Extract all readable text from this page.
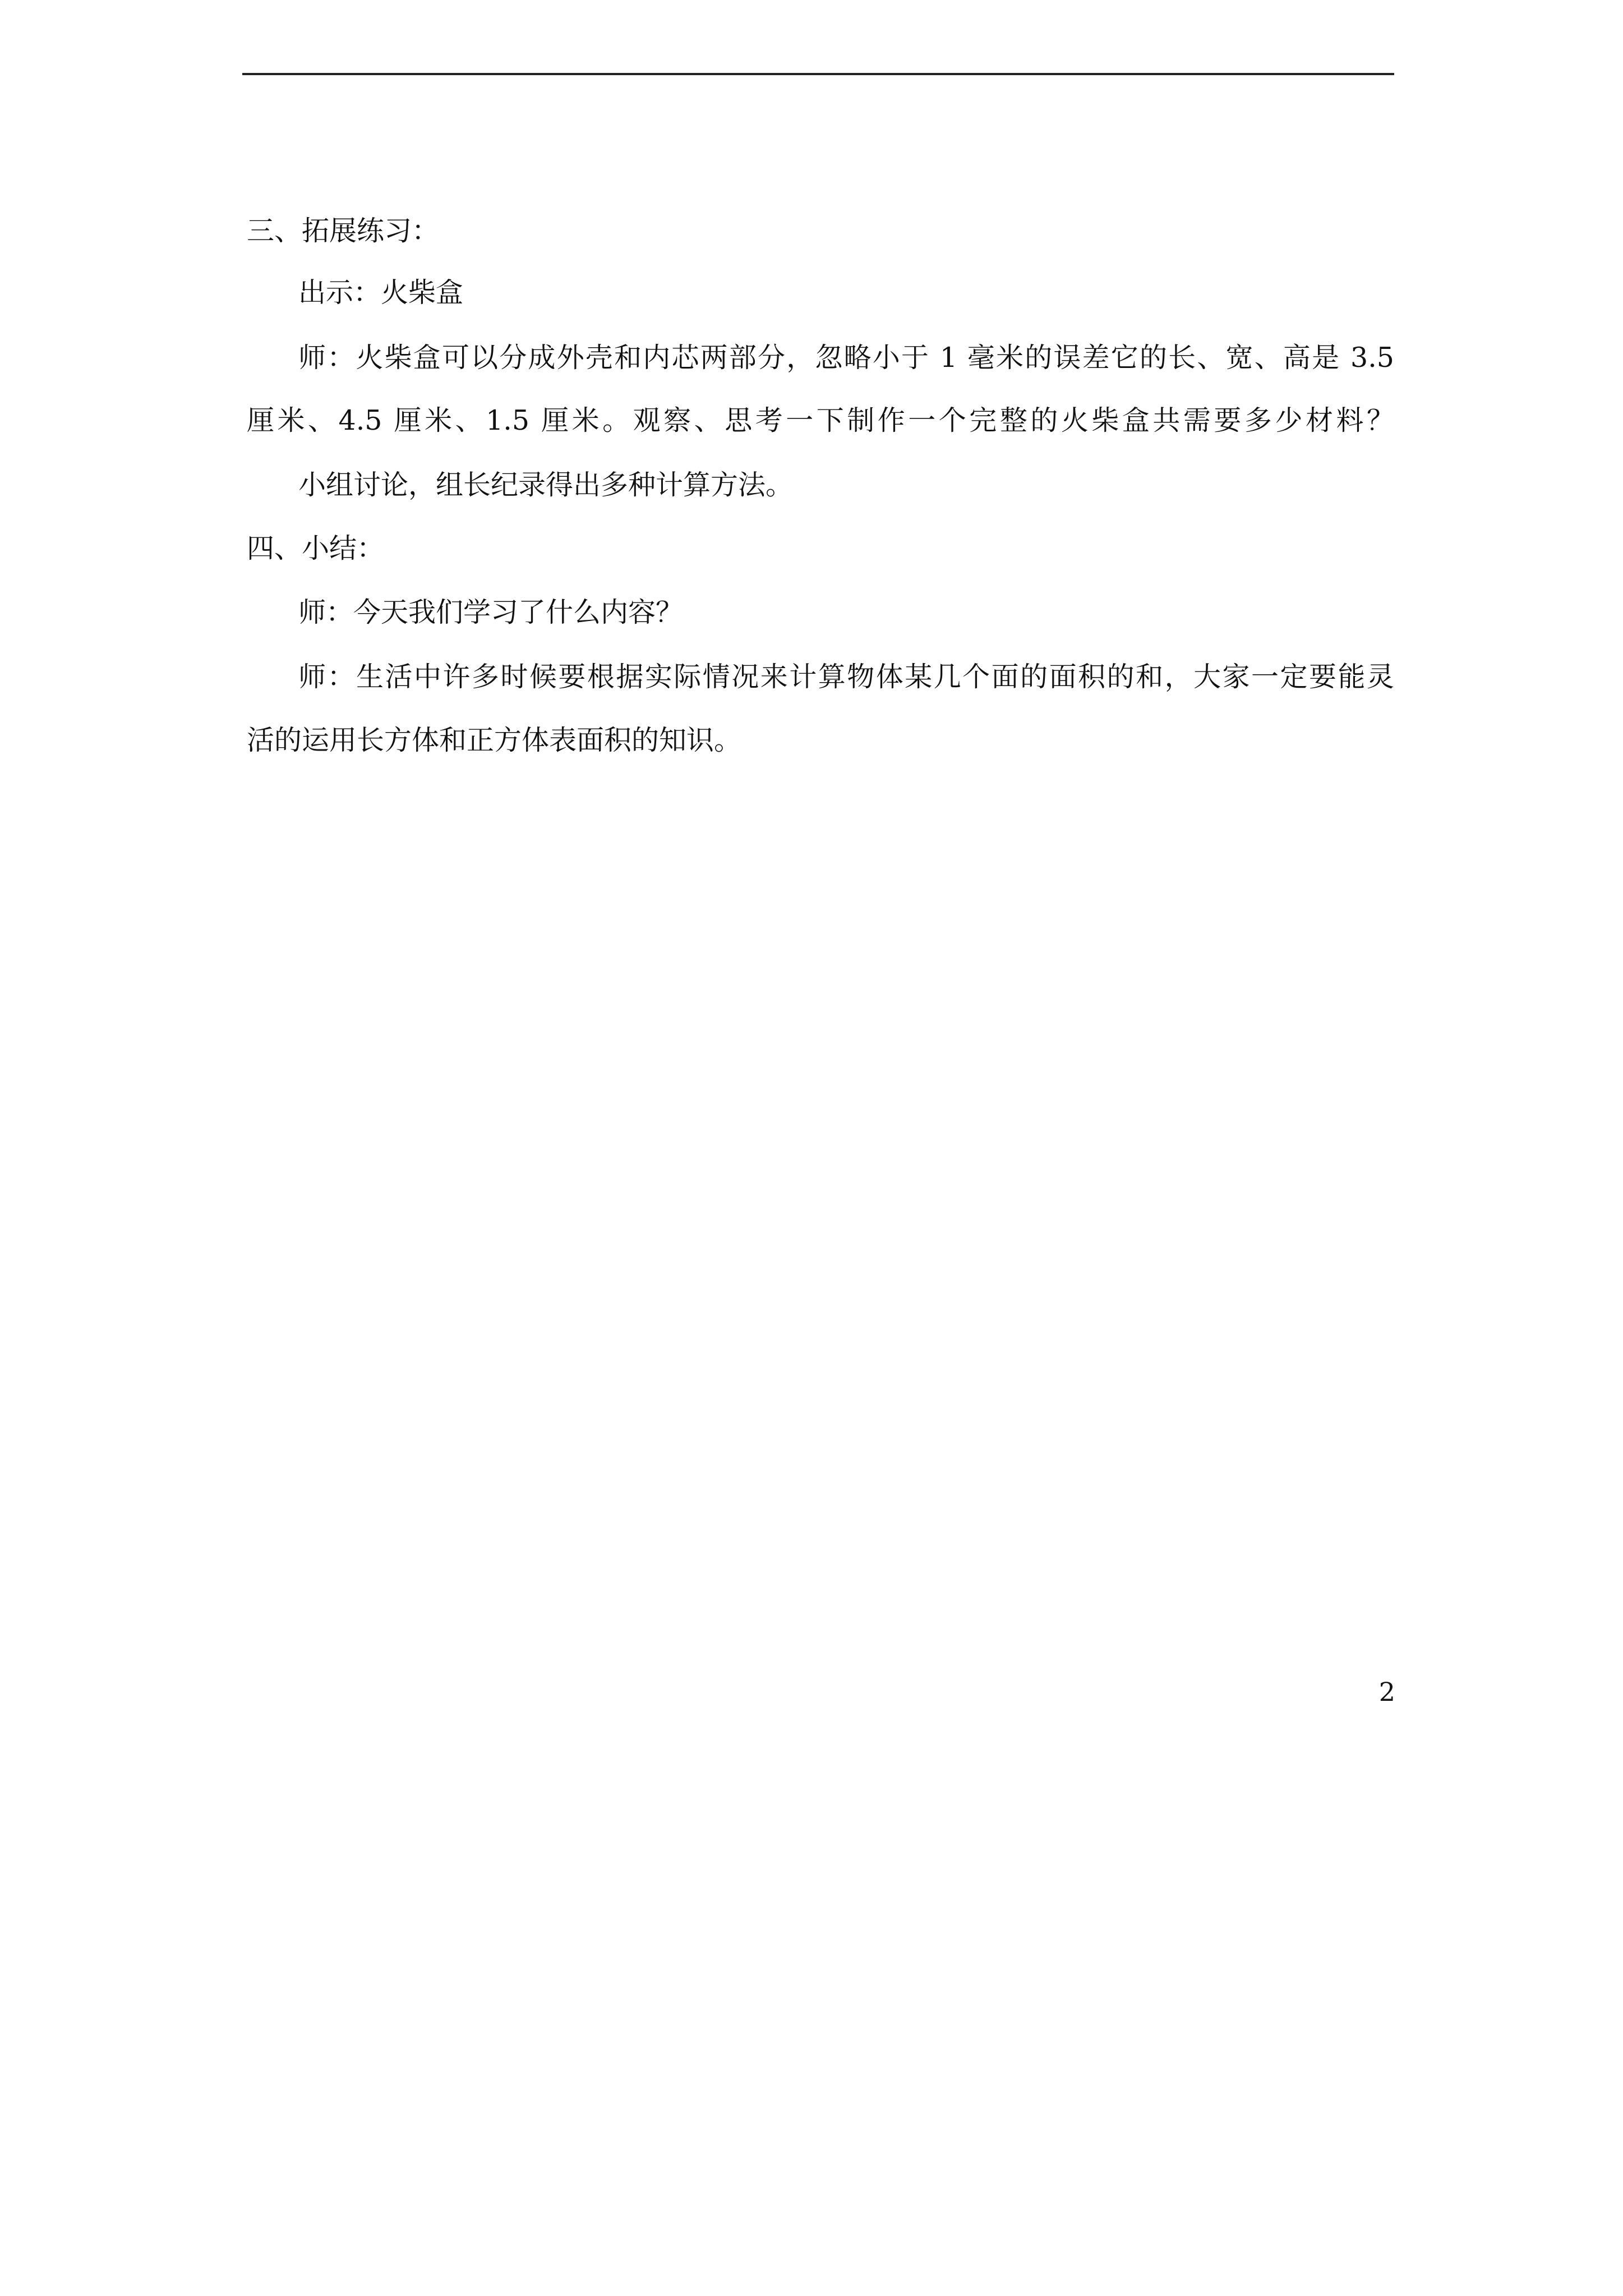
三、拓展练习：
出示：火柴盒
师：火柴盒可以分成外壳和内芯两部分，忽略小于 1 毫米的误差它的长、宽、高是 3.5
厘米、4.5 厘米、1.5 厘米。观察、思考一下制作一个完整的火柴盒共需要多少材料？
小组讨论，组长纪录得出多种计算方法。
四、小结：
师：今天我们学习了什么内容？
师：生活中许多时候要根据实际情况来计算物体某几个面的面积的和，大家一定要能灵
活的运用长方体和正方体表面积的知识。
2
